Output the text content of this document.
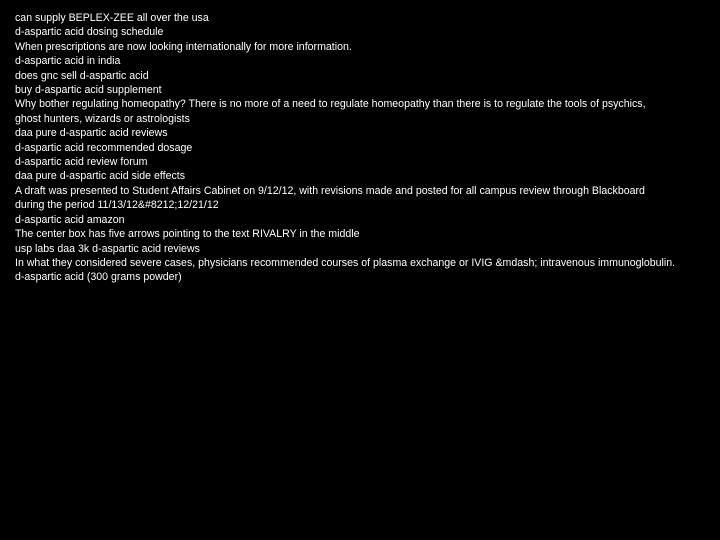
can supply BEPLEX-ZEE all over the usa
d-aspartic acid dosing schedule
When prescriptions are now looking internationally for more information.
d-aspartic acid in india
does gnc sell d-aspartic acid
buy d-aspartic acid supplement
Why bother regulating homeopathy? There is no more of a need to regulate homeopathy than there is to regulate the tools of psychics,
ghost hunters, wizards or astrologists
daa pure d-aspartic acid reviews
d-aspartic acid recommended dosage
d-aspartic acid review forum
daa pure d-aspartic acid side effects
A draft was presented to Student Affairs Cabinet on 9/12/12, with revisions made and posted for all campus review through Blackboard
during the period 11/13/12&#8212;12/21/12
d-aspartic acid amazon
The center box has five arrows pointing to the text RIVALRY in the middle
usp labs daa 3k d-aspartic acid reviews
In what they considered severe cases, physicians recommended courses of plasma exchange or IVIG &mdash; intravenous immunoglobulin.
d-aspartic acid (300 grams powder)
